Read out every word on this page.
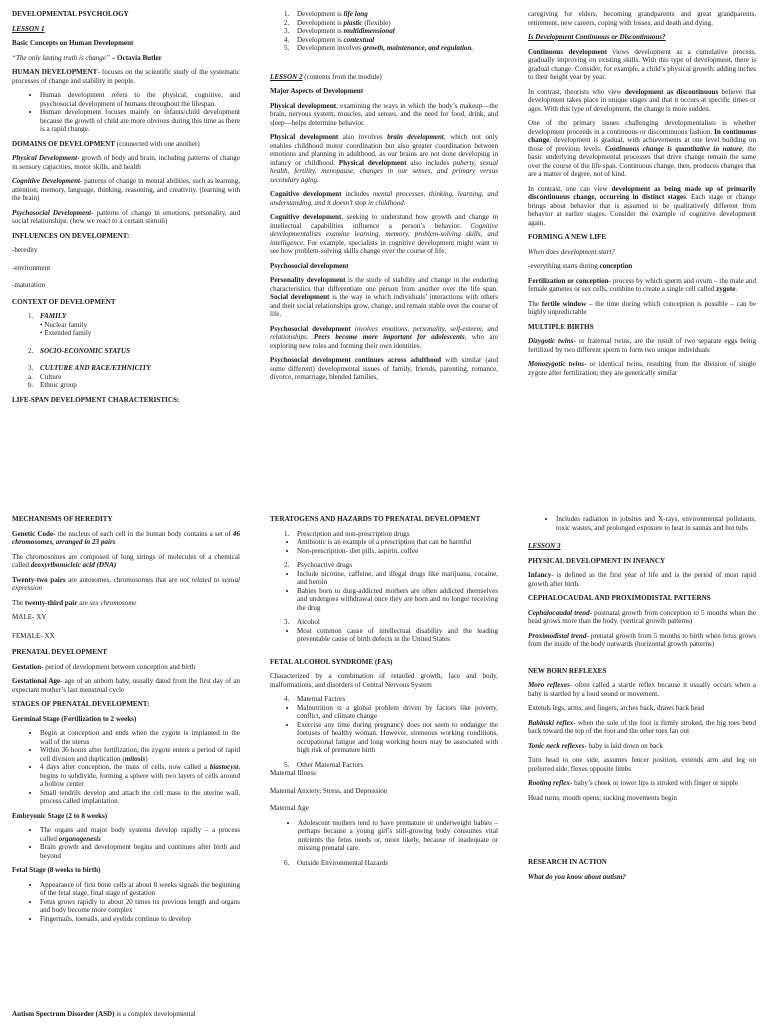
DEVELOPMENTAL PSYCHOLOGY

LESSON 1

Basic Concepts on Human Development

“The only lasting truth is change” – Octavia Butler

HUMAN DEVELOPMENT- focuses on the scientific study of the systematic processes of change and stability in people.

• Human development refers to the physical, cognitive, and psychosocial development of humans throughout the lifespan.
• Human development focuses mainly on infants/child development because the growth of child are more obvious during this time as there is a rapid change.

DOMAINS OF DEVELOPMENT (connected with one another)

Physical Development- growth of body and brain, including patterns of change in sensory capacities, motor skills, and health

Cognitive Development- patterns of change in mental abilities, such as learning, attention, memory, language, thinking, reasoning, and creativity. (learning with the brain)

Psychosocial Development- patterns of change in emotions, personality, and social relationships. (how we react to a certain stimuli)

INFLUENCES ON DEVELOPMENT:

-heredity

-environment

-maturation

CONTEXT OF DEVELOPMENT

1. FAMILY
• Nuclear family
• Extended family
2. SOCIO-ECONOMIC STATUS
3. CULTURE AND RACE/ETHNICITY
a. Culture
b. Ethnic group

LIFE-SPAN DEVELOPMENT CHARACTERISTICS:

1. Development is life long
2. Development is plastic (flexible)
3. Development is multidimensional
4. Development is contextual
5.	Development involves growth, maintenance, and regulation.

LESSON 2 (contents from the module)

Major Aspects of Development

Physical development, examining the ways in which the body’s makeup—the brain, nervous system, muscles, and senses, and the need for food, drink, and sleep—helps determine behavior.

Physical development also involves brain development, which not only enables childhood motor coordination but also greater coordination between emotions and planning in adulthood, as our brains are not done developing in infancy or childhood. Physical development also includes puberty, sexual health, fertility, menopause, changes in our senses, and primary versus secondary aging.

Cognitive development includes mental processes, thinking, learning, and understanding, and it doesn’t stop in childhood.

Cognitive development, seeking to understand how growth and change in intellectual capabilities influence a person’s behavior. Cognitive developmentalists examine learning, memory, problem-solving skills, and intelligence. For example, specialists in cognitive development might want to see how problem-solving skills change over the course of life.

Psychosocial development

Personality development is the study of stability and change in the enduring characteristics that differentiate one person from another over the life span. Social development is the way in which individuals’ interactions with others and their social relationships grow, change, and remain stable over the course of life.

Psychosocial development involves emotions, personality, self-esteem, and relationships. Peers become more important for adolescents, who are exploring new roles and forming their own identities.

Psychosocial development continues across adulthood with similar (and some different) developmental issues of family, friends, parenting, romance, divorce, remarriage, blended families,

caregiving for elders, becoming grandparents and great grandparents, retirement, new careers, coping with losses, and death and dying.

Is Development Continuous or Discontinuous?

Continuous development views development as a cumulative process, gradually improving on existing skills. With this type of development, there is gradual change. Consider, for example, a child’s physical growth: adding inches to their height year by year.

In contrast, theorists who view development as discontinuous believe that development takes place in unique stages and that it occurs at specific times or ages. With this type of development, the change is more sudden.

One of the primary issues challenging developmentalists is whether development proceeds in a continuous or discontinuous fashion. In continuous change, development is gradual, with achievements at one level building on those of previous levels. Continuous change is quantitative in nature; the basic underlying developmental processes that drive change remain the same over the course of the life span. Continuous change, then, produces changes that are a matter of degree, not of kind.

In contrast, one can view development as being made up of primarily discontinuous change, occurring in distinct stages. Each stage or change brings about behavior that is assumed to be qualitatively different from behavior at earlier stages. Consider the example of cognitive development again.

FORMING A NEW LIFE

When does development start?

-everything starts during conception

Fertilization or conception- process by which sperm and ovum – the male and female gametes or sex cells, combine to create a single cell called zygote.

The fertile window – the time during which conception is possible – can be highly unpredictable

MULTIPLE BIRTHS

Dizygotic twins- or fraternal twins, are the result of two separate eggs being fertilized by two different sperm to form two unique individuals

Monozygotic twins- or identical twins, resulting from the division of single zygote after fertilization; they are genetically similar

MECHANISMS OF HEREDITY

Genetic Code- the nucleus of each cell in the human body contains a set of 46 chromosomes, arranged in 23 pairs

The chromosomes are composed of long strings of molecules of a chemical called deoxyribonucleic acid (DNA)

Twenty-two pairs are autosomes, chromosomes that are not related to sexual expression

The twenty-third pair are sex chromosome

MALE- XY

FEMALE- XX

PRENATAL DEVELOPMENT

Gestation- period of development between conception and birth

Gestational Age- age of an unborn baby, usually dated from the first day of an expectant mother’s last menstrual cycle

STAGES OF PRENATAL DEVELOPMENT:

Germinal Stage (Fertilization to 2 weeks)

• Begin at conception and ends when the zygote is implanted in the wall of the uterus
• Within 36 hours after fertilization, the zygote enters a period of rapid cell division and duplication (mitosis)
• 4 days after conception, the mass of cells, now called a biastocyst, begins to subdivide, forming a sphere with two layers of cells around a hollow center
• Small tendrils develop and attach the cell mass to the uterine wall, process called implantation

Embryonic Stage (2 to 8 weeks)

• The organs and major body systems develop rapidly – a process called organogenesis
• Brain growth and development begins and continues after birth and beyond

Fetal Stage (8 weeks to birth)

• Appearance of first bone cells at about 8 weeks signals the beginning of the fetal stage, final stage of gestation
• Fetus grows rapidly to about 20 times its previous length and organs and body become more complex
• Fingernails, toenails, and eyelids continue to develop

TERATOGENS AND HAZARDS TO PRENATAL DEVELOPMENT

1. Prescription and non-prescription drugs
• Antibiotic is an example of a prescription that can be harmful
• Non-prescription- diet pills, aspirin, coffee
2. Psychoactive drugs
• Include nicotine, caffeine, and illegal drugs like marijuana, cocaine, and heroin
• Babies born to durg-addicted mothers are often addicted themselves and undergoes withdrawal once they are born and no longer receiving the drug
3. Alcohol
• Most common cause of intellectual disability and the leading preventable cause of birth defects in the United States

FETAL ALCOHOL SYNDROME (FAS)

Characterized by a combination of retarded growth, face and body, malformations, and disorders of Central Nervous System

4. Maternal Factors
• Malnutrition is a global problem driven by factors like poverty, conflict, and climate change
• Exercise any time during pregnancy does not seem to endanger the foetuses of healthy woman. However, strenuous working conditions, occupational fatigue and long working hours may be associated with high risk of premature birth
5. Other Maternal Factors

Maternal Illness

Maternal Anxiety, Stress, and Depression

Maternal Age

• Adolescent mothers tend to have premature or underweight babies – perhaps because a young girl’s still-growing body consumes vital nutrients the fetus needs or, more likely, because of inadequate or missing prenatal care.
6. Outside Environmental Hazards
• Includes radiation in jobsites and X-rays, environmental pollutants, toxic wastes, and prolonged exposure to heat in saunas and hot tubs

LESSON 3

PHYSICAL DEVELOPMENT IN INFANCY

Infancy- is defined as the first year of life and is the period of most rapid growth after birth.

CEPHALOCAUDAL AND PROXIMODISTAL PATTERNS

Cephalocaudal trend- postnatal growth from conception to 5 months when the head grows more than the body. (vertical growth patterns)

Proximodistal trend- prenatal growth from 5 months to birth when fetus grows from the inside of the body outwards (horizontal growth patterns)

NEW BORN REFLEXES

Moro reflexes- often called a startle reflex because it usually occurs when a baby is startled by a loud sound or movement.

Extends legs, arms, and fingers, arches back, draws back head

Babinski reflex- when the sole of the foot is firmly stroked, the big toes bend back toward the top of the foot and the other toes fan out

Tonic neck reflexes- baby is laid down on back

Turn head to one side, assumes fencer position, extends arm and leg on preferred side, flexes opposite limbs

Rooting reflex- baby’s cheek or lower lips is stroked with finger or nipple

Head turns; mouth opens; sucking movements begin

RESEARCH IN ACTION

What do you know about autism?

Autism Spectrum Disorder (ASD) is a complex developmental
